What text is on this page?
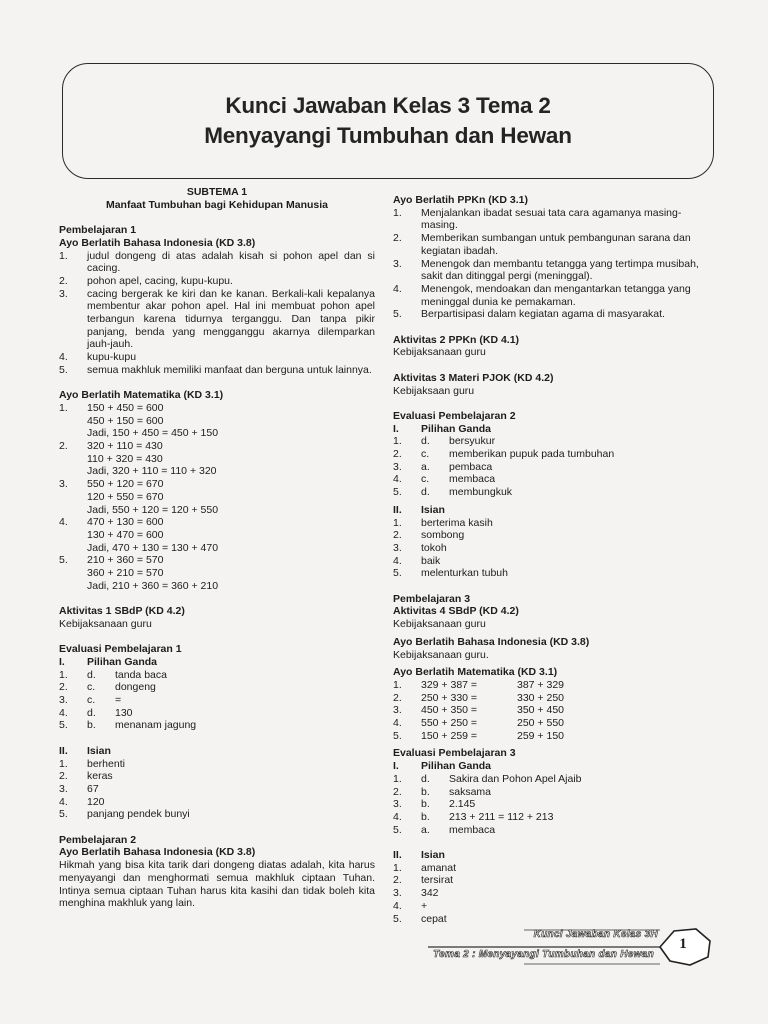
Kunci Jawaban Kelas 3 Tema 2
Menyayangi Tumbuhan dan Hewan
SUBTEMA 1
Manfaat Tumbuhan bagi Kehidupan Manusia
Pembelajaran 1
Ayo Berlatih Bahasa Indonesia (KD 3.8)
1.	judul dongeng di atas adalah kisah si pohon apel dan si cacing.
2.	pohon apel, cacing, kupu-kupu.
3.	cacing bergerak ke kiri dan ke kanan. Berkali-kali kepalanya membentur akar pohon apel. Hal ini membuat pohon apel terbangun karena tidurnya terganggu. Dan tanpa pikir panjang, benda yang mengganggu akarnya dilemparkan jauh-jauh.
4.	kupu-kupu
5.	semua makhluk memiliki manfaat dan berguna untuk lainnya.
Ayo Berlatih Matematika (KD 3.1)
1.	150 + 450 = 600
450 + 150 = 600
Jadi, 150 + 450 = 450 + 150
2.	320 + 110 = 430
110 + 320 = 430
Jadi, 320 + 110 = 110 + 320
3.	550 + 120 = 670
120 + 550 = 670
Jadi, 550 + 120 = 120 + 550
4.	470 + 130 = 600
130 + 470 = 600
Jadi, 470 + 130 = 130 + 470
5.	210 + 360 = 570
360 + 210 = 570
Jadi, 210 + 360 = 360 + 210
Aktivitas 1 SBdP (KD 4.2)
Kebijaksanaan guru
Evaluasi Pembelajaran 1
I.	Pilihan Ganda
1.	d.	tanda baca
2.	c.	dongeng
3.	c.	=
4.	d.	130
5.	b.	menanam jagung
II.	Isian
1.	berhenti
2.	keras
3.	67
4.	120
5.	panjang pendek bunyi
Pembelajaran 2
Ayo Berlatih Bahasa Indonesia (KD 3.8)
Hikmah yang bisa kita tarik dari dongeng diatas adalah, kita harus menyayangi dan menghormati semua makhluk ciptaan Tuhan. Intinya semua ciptaan Tuhan harus kita kasihi dan tidak boleh kita menghina makhluk yang lain.
Ayo Berlatih PPKn (KD 3.1)
1.	Menjalankan ibadat sesuai tata cara agamanya masing-masing.
2.	Memberikan sumbangan untuk pembangunan sarana dan kegiatan ibadah.
3.	Menengok dan membantu tetangga yang tertimpa musibah, sakit dan ditinggal pergi (meninggal).
4.	Menengok, mendoakan dan mengantarkan tetangga yang meninggal dunia ke pemakaman.
5.	Berpartisipasi dalam kegiatan agama di masyarakat.
Aktivitas 2 PPKn (KD 4.1)
Kebijaksanaan guru
Aktivitas 3 Materi PJOK (KD 4.2)
Kebijaksaan guru
Evaluasi Pembelajaran 2
I.	Pilihan Ganda
1.	d.	bersyukur
2.	c.	memberikan pupuk pada tumbuhan
3.	a.	pembaca
4.	c.	membaca
5.	d.	membungkuk
II.	Isian
1.	berterima kasih
2.	sombong
3.	tokoh
4.	baik
5.	melenturkan tubuh
Pembelajaran 3
Aktivitas 4 SBdP (KD 4.2)
Kebijaksanaan guru
Ayo Berlatih Bahasa Indonesia (KD 3.8)
Kebijaksanaan guru.
Ayo Berlatih Matematika (KD 3.1)
1.	329 + 387 =	387 + 329
2.	250 + 330 =	330 + 250
3.	450 + 350 =	350 + 450
4.	550 + 250 =	250 + 550
5.	150 + 259 =	259 + 150
Evaluasi Pembelajaran 3
I.	Pilihan Ganda
1.	d.	Sakira dan Pohon Apel Ajaib
2.	b.	saksama
3.	b.	2.145
4.	b.	213 + 211 = 112 + 213
5.	a.	membaca
II.	Isian
1.	amanat
2.	tersirat
3.	342
4.	+
5.	cepat
Kunci Jawaban Kelas 3H
Tema 2 : Menyayangi Tumbuhan dan Hewan
1
